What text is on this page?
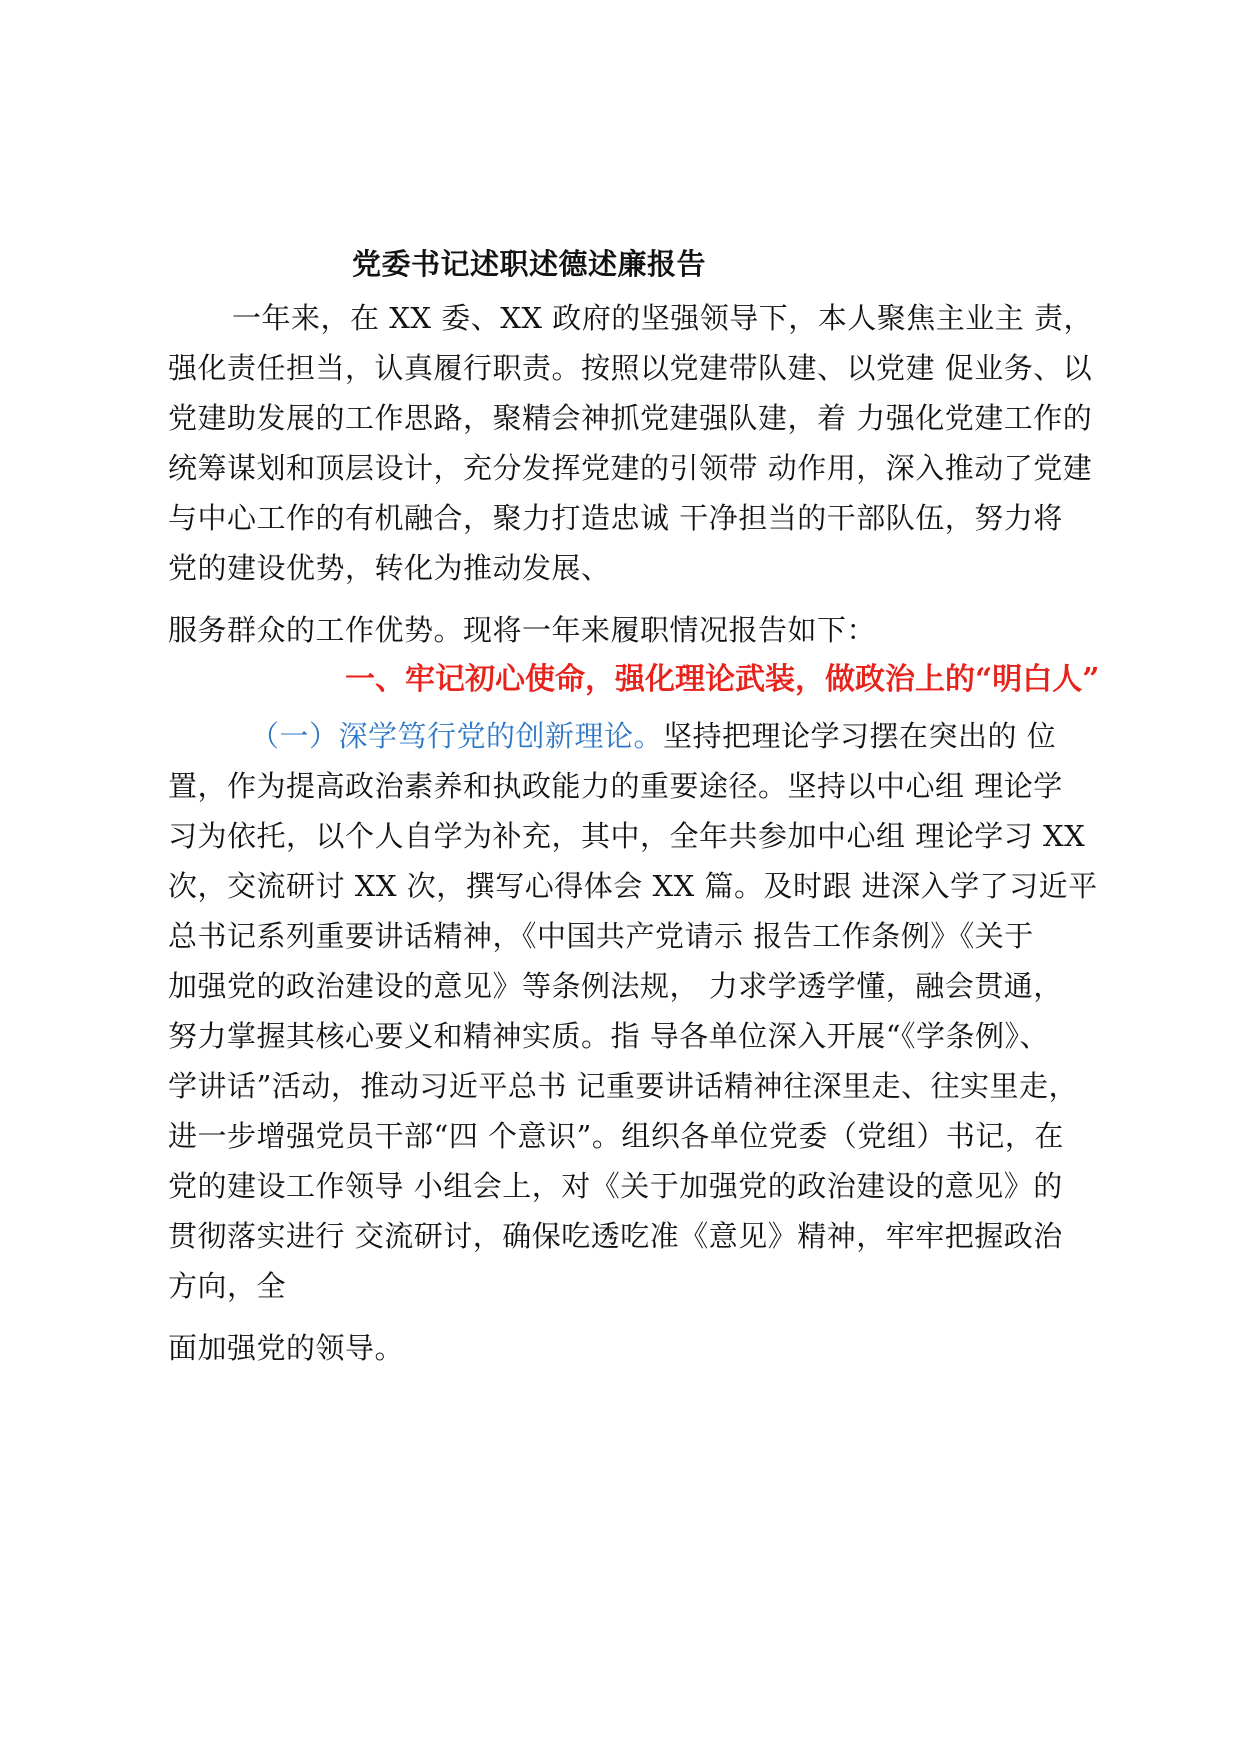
党委书记述职述德述廉报告
一年来，在 XX 委、XX 政府的坚强领导下，本人聚焦主业主 责，
强化责任担当，认真履行职责。按照以党建带队建、以党建 促业务、以
党建助发展的工作思路，聚精会神抓党建强队建，着 力强化党建工作的
统筹谋划和顶层设计，充分发挥党建的引领带 动作用，深入推动了党建
与中心工作的有机融合，聚力打造忠诚 干净担当的干部队伍，努力将
党的建设优势，转化为推动发展、
服务群众的工作优势。现将一年来履职情况报告如下：
一、牢记初心使命，强化理论武装，做政治上的“明白人”
（一）深学笃行党的创新理论。坚持把理论学习摆在突出的 位
置，作为提高政治素养和执政能力的重要途径。坚持以中心组 理论学
习为依托，以个人自学为补充，其中，全年共参加中心组 理论学习 XX
次，交流研讨 XX 次，撰写心得体会 XX 篇。及时跟 进深入学了习近平
总书记系列重要讲话精神，《中国共产党请示 报告工作条例》《关于
加强党的政治建设的意见》等条例法规， 力求学透学懂，融会贯通，
努力掌握其核心要义和精神实质。指 导各单位深入开展“《学条例》、
学讲话”活动，推动习近平总书 记重要讲话精神往深里走、往实里走，
进一步增强党员干部“四 个意识”。组织各单位党委（党组）书记，在
党的建设工作领导 小组会上，对《关于加强党的政治建设的意见》的
贯彻落实进行 交流研讨，确保吃透吃准《意见》精神，牢牢把握政治
方向，全
面加强党的领导。
